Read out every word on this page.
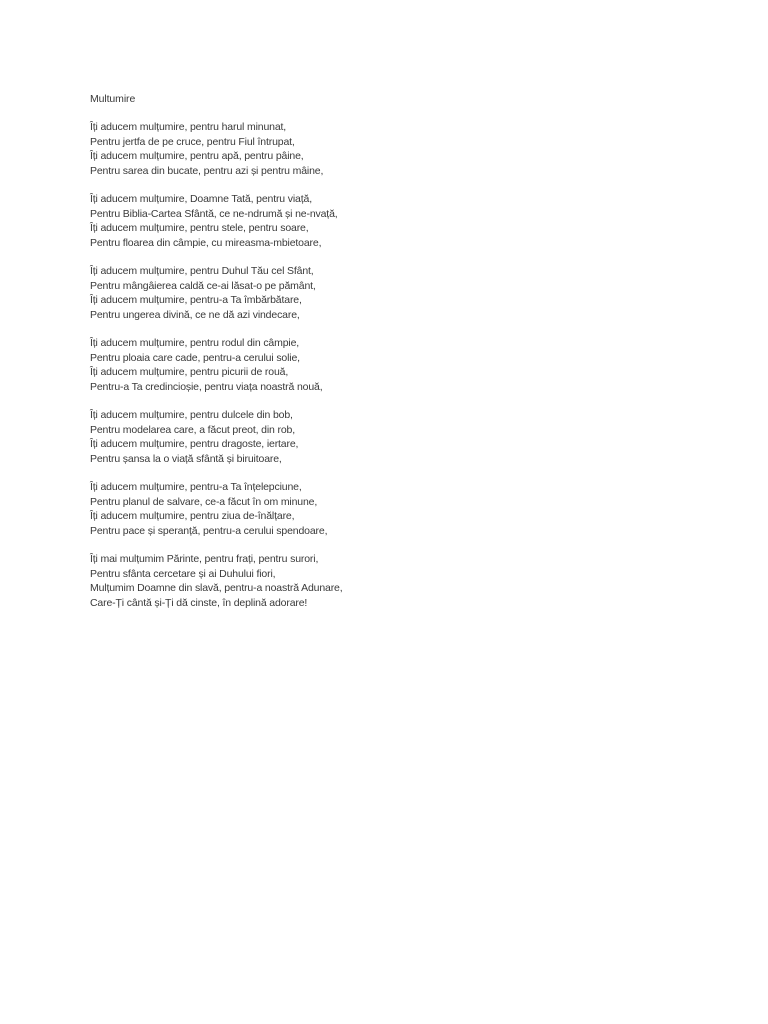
Multumire
Îți aducem mulțumire, pentru harul minunat,
Pentru jertfa de pe cruce, pentru Fiul întrupat,
Îți aducem mulțumire, pentru apă, pentru pâine,
Pentru sarea din bucate, pentru azi și pentru mâine,
Îți aducem mulțumire, Doamne Tată, pentru viață,
Pentru Biblia-Cartea Sfântă, ce ne-ndrumă și ne-nvață,
Îți aducem mulțumire, pentru stele, pentru soare,
Pentru floarea din câmpie, cu mireasma-mbietoare,
Îți aducem mulțumire, pentru Duhul Tău cel Sfânt,
Pentru mângâierea caldă ce-ai lăsat-o pe pământ,
Îți aducem mulțumire, pentru-a Ta îmbărbătare,
Pentru ungerea divină, ce ne dă azi vindecare,
Îți aducem mulțumire, pentru rodul din câmpie,
Pentru ploaia care cade, pentru-a cerului solie,
Îți aducem mulțumire, pentru picurii de rouă,
Pentru-a Ta credincioșie, pentru viața noastră nouă,
Îți aducem mulțumire, pentru dulcele din bob,
Pentru modelarea care, a făcut preot, din rob,
Îți aducem mulțumire, pentru dragoste, iertare,
Pentru șansa la o viață sfântă și biruitoare,
Îți aducem mulțumire, pentru-a Ta înțelepciune,
Pentru planul de salvare, ce-a făcut în om minune,
Îți aducem mulțumire, pentru ziua de-înălțare,
Pentru pace și speranță, pentru-a cerului spendoare,
Îți mai mulțumim Părinte, pentru frați, pentru surori,
Pentru sfânta cercetare și ai Duhului fiori,
Mulțumim Doamne din slavă, pentru-a noastră Adunare,
Care-Ți cântă și-Ți dă cinste, în deplină adorare!
